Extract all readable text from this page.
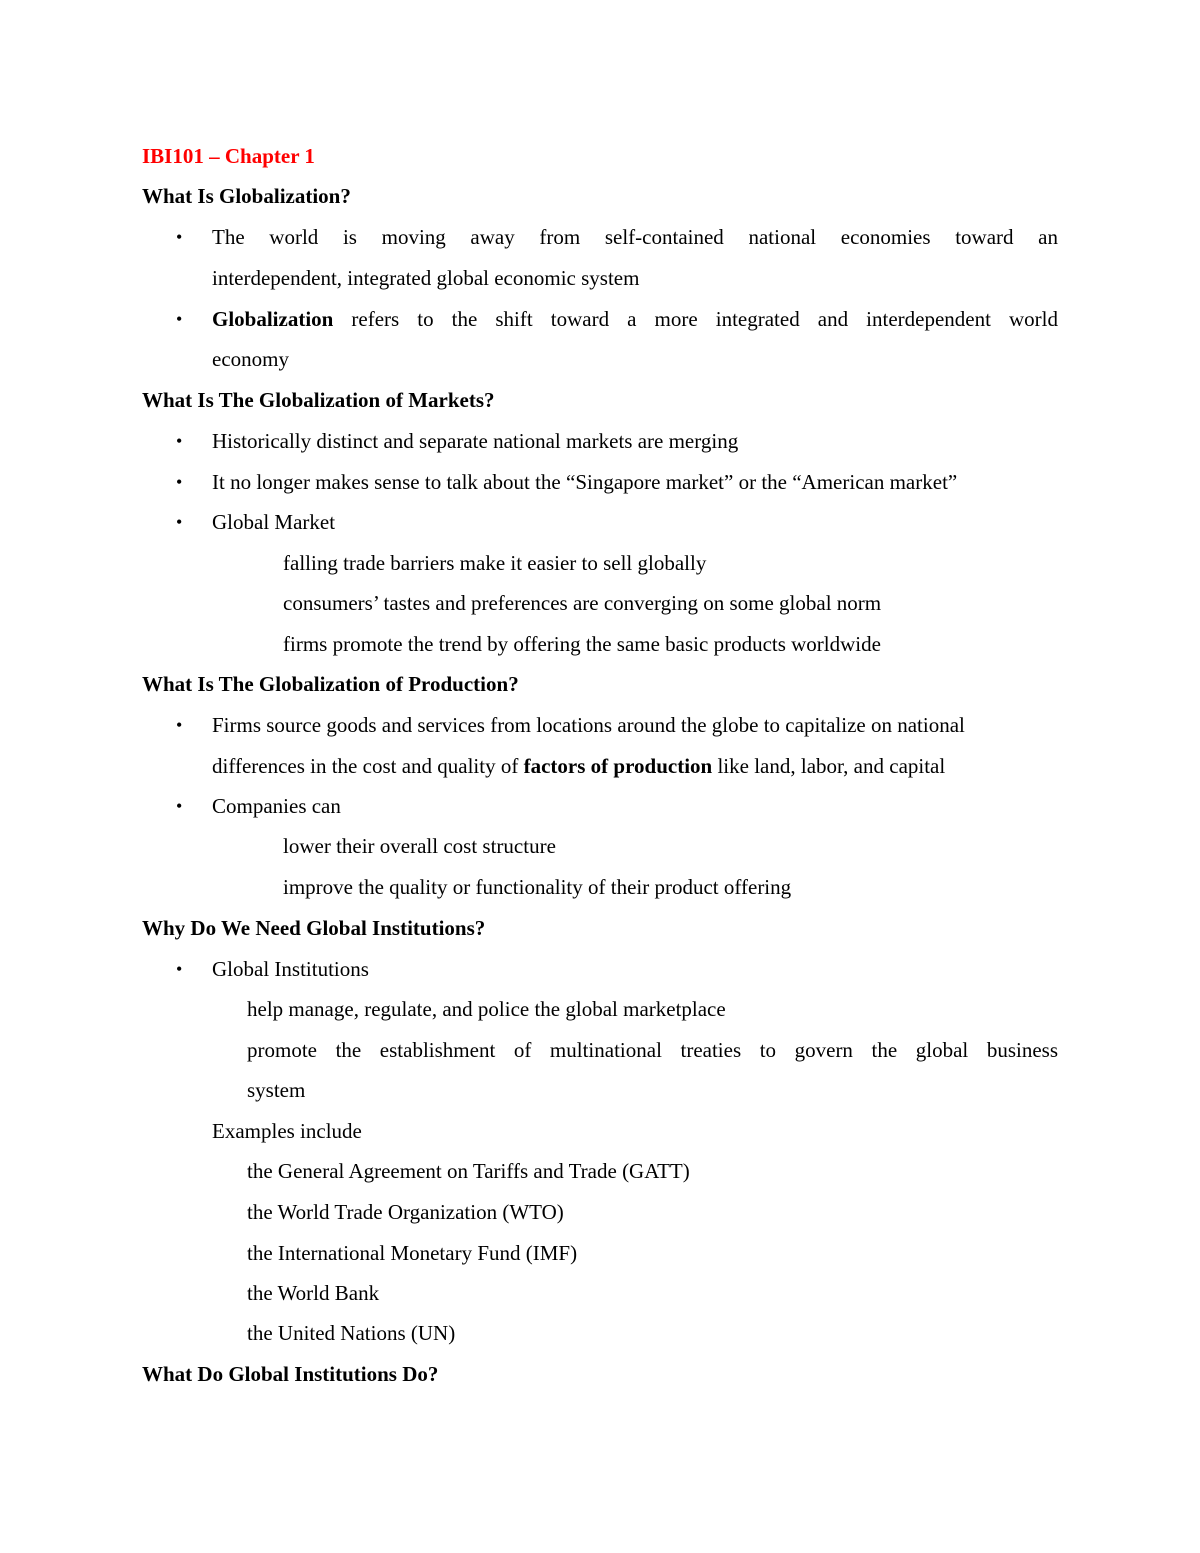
IBI101 – Chapter 1
What Is Globalization?
• The world is moving away from self-contained national economies toward an
interdependent, integrated global economic system
• Globalization refers to the shift toward a more integrated and interdependent world
economy
What Is The Globalization of Markets?
• Historically distinct and separate national markets are merging
• It no longer makes sense to talk about the “Singapore market” or the “American market”
• Global Market
falling trade barriers make it easier to sell globally
consumers’ tastes and preferences are converging on some global norm
firms promote the trend by offering the same basic products worldwide
What Is The Globalization of Production?
• Firms source goods and services from locations around the globe to capitalize on national
differences in the cost and quality of factors of production like land, labor, and capital
• Companies can
lower their overall cost structure
improve the quality or functionality of their product offering
Why Do We Need Global Institutions?
• Global Institutions
help manage, regulate, and police the global marketplace
promote the establishment of multinational treaties to govern the global business
system
Examples include
the General Agreement on Tariffs and Trade (GATT)
the World Trade Organization (WTO)
the International Monetary Fund (IMF)
the World Bank
the United Nations (UN)
What Do Global Institutions Do?
